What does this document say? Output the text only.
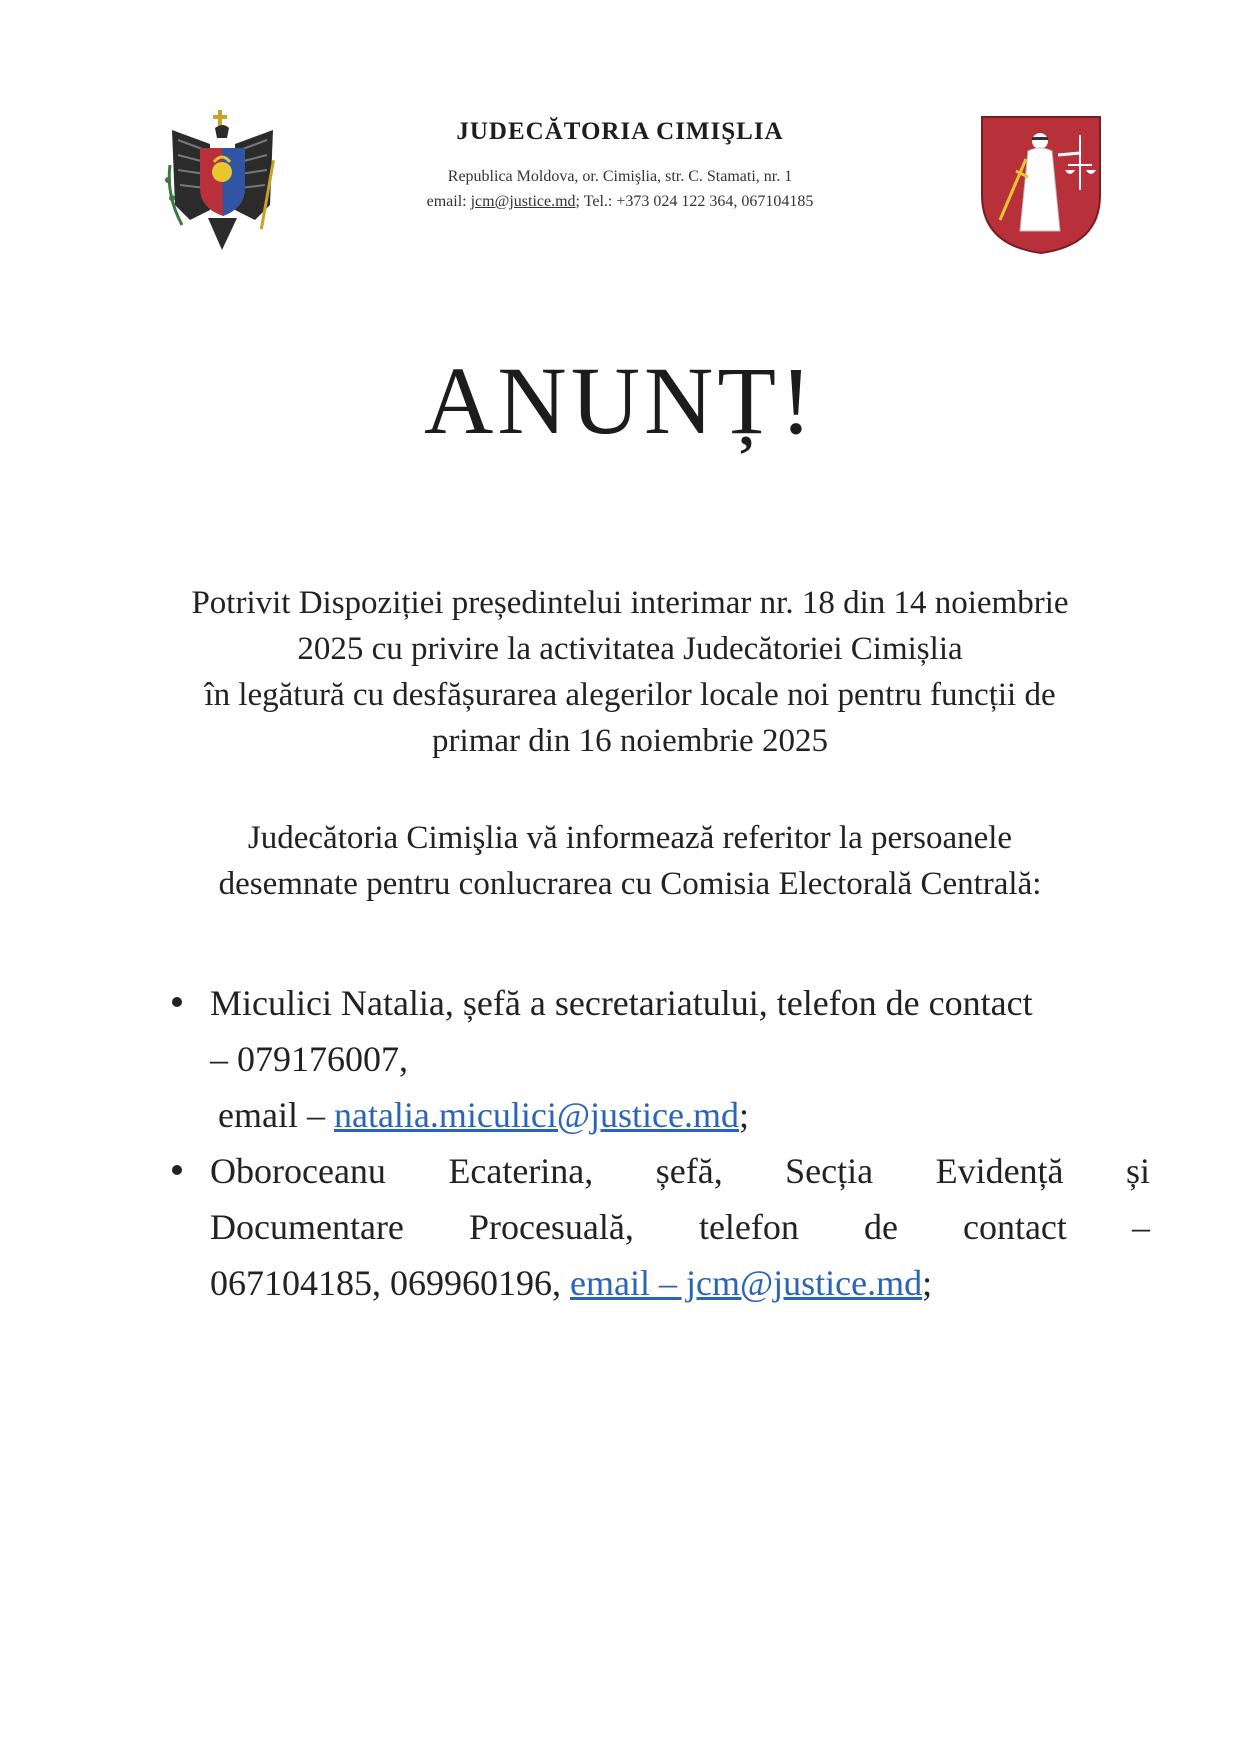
JUDECĂTORIA CIMIŞLIA
Republica Moldova, or. Cimişlia, str. C. Stamati, nr. 1
email: jcm@justice.md; Tel.: +373 024 122 364, 067104185
ANUNȚ!
Potrivit Dispoziției președintelui interimar nr. 18 din 14 noiembrie
2025 cu privire la activitatea Judecătoriei Cimișlia
în legătură cu desfășurarea alegerilor locale noi pentru funcții de
primar din 16 noiembrie 2025
Judecătoria Cimişlia vă informează referitor la persoanele
desemnate pentru conlucrarea cu Comisia Electorală Centrală:
Miculici Natalia, șefă a secretariatului, telefon de contact
– 079176007,
email – natalia.miculici@justice.md;
Oboroceanu Ecaterina, șefă, Secția Evidență și
Documentare Procesuală, telefon de contact –
067104185, 069960196, email – jcm@justice.md;
